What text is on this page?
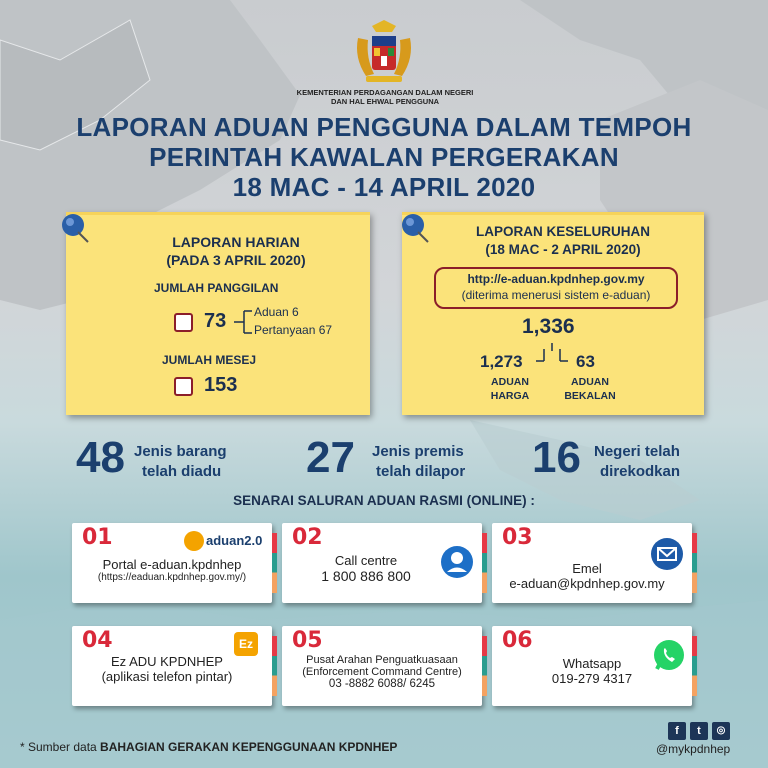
KEMENTERIAN PERDAGANGAN DALAM NEGERI
DAN HAL EHWAL PENGGUNA
LAPORAN ADUAN PENGGUNA DALAM TEMPOH
PERINTAH KAWALAN PERGERAKAN
18 MAC - 14 APRIL 2020
LAPORAN HARIAN
(PADA 3 APRIL 2020)
JUMLAH PANGGILAN
73 Aduan 6
Pertanyaan 67
JUMLAH MESEJ
153
LAPORAN KESELURUHAN
(18 MAC - 2 APRIL 2020)
http://e-aduan.kpdnhep.gov.my
(diterima menerusi sistem e-aduan)
1,336
1,273
ADUAN
HARGA
63
ADUAN
BEKALAN
48 Jenis barang
telah diadu 27 Jenis premis
telah dilapor 16 Negeri telah
direkodkan
SENARAI SALURAN ADUAN RASMI (ONLINE) :
01	aduan2.0
Portal e-aduan.kpdnhep
(https://eaduan.kpdnhep.gov.my/)
02
Call centre
1 800 886 800
03
Emel
e-aduan@kpdnhep.gov.my
04	Ez
Ez ADU KPDNHEP
(aplikasi telefon pintar)
05
Pusat Arahan Penguatkuasaan
(Enforcement Command Centre)
03 -8882 6088/ 6245
06
Whatsapp
019-279 4317
* Sumber data BAHAGIAN GERAKAN KEPENGGUNAAN KPDNHEP
f	t	◎
@mykpdnhep
